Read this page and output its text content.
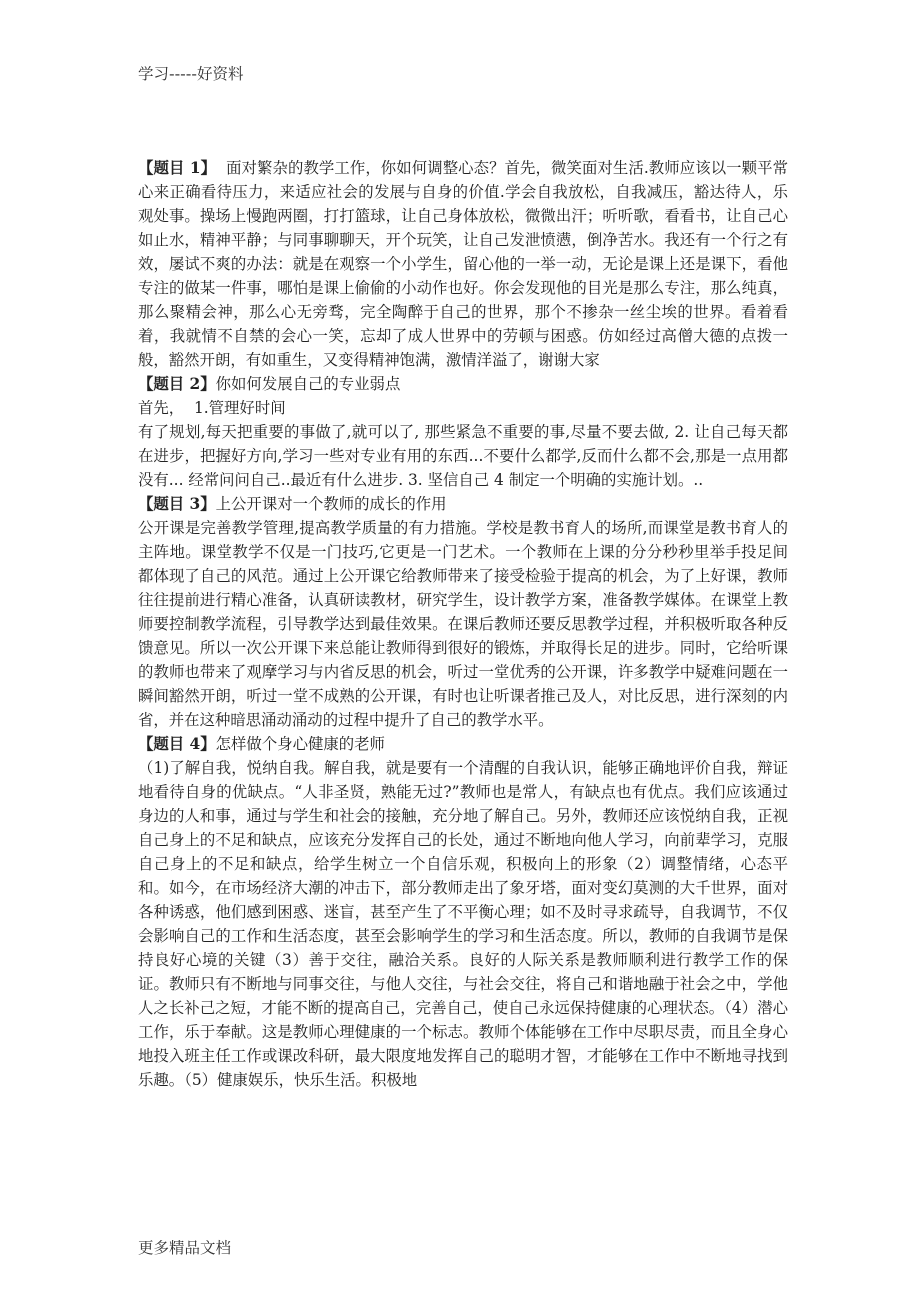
学习-----好资料

【题目 1】 面对繁杂的教学工作，你如何调整心态？首先，微笑面对生活.教师应该以一颗平常心来正确看待压力，来适应社会的发展与自身的价值.学会自我放松，自我减压，豁达待人，乐观处事。操场上慢跑两圈，打打篮球，让自己身体放松，微微出汗；听听歌，看看书，让自己心如止水，精神平静；与同事聊聊天，开个玩笑，让自己发泄愤懑，倒净苦水。我还有一个行之有效，屡试不爽的办法：就是在观察一个小学生，留心他的一举一动，无论是课上还是课下，看他专注的做某一件事，哪怕是课上偷偷的小动作也好。你会发现他的目光是那么专注，那么纯真，那么聚精会神，那么心无旁骛，完全陶醉于自己的世界，那个不掺杂一丝尘埃的世界。看着看着，我就情不自禁的会心一笑，忘却了成人世界中的劳顿与困惑。仿如经过高僧大德的点拨一般，豁然开朗，有如重生，又变得精神饱满，激情洋溢了，谢谢大家

【题目 2】你如何发展自己的专业弱点

首先，  1.管理好时间

有了规划,每天把重要的事做了,就可以了, 那些紧急不重要的事,尽量不要去做, 2. 让自己每天都在进步，把握好方向,学习一些对专业有用的东西...不要什么都学,反而什么都不会,那是一点用都没有... 经常问问自己..最近有什么进步. 3. 坚信自己 4 制定一个明确的实施计划。..

【题目 3】上公开课对一个教师的成长的作用

公开课是完善教学管理,提高教学质量的有力措施。学校是教书育人的场所,而课堂是教书育人的主阵地。课堂教学不仅是一门技巧,它更是一门艺术。一个教师在上课的分分秒秒里举手投足间都体现了自己的风范。通过上公开课它给教师带来了接受检验于提高的机会，为了上好课，教师往往提前进行精心准备，认真研读教材，研究学生，设计教学方案，准备教学媒体。在课堂上教师要控制教学流程，引导教学达到最佳效果。在课后教师还要反思教学过程，并积极听取各种反馈意见。所以一次公开课下来总能让教师得到很好的锻炼，并取得长足的进步。同时，它给听课的教师也带来了观摩学习与内省反思的机会，听过一堂优秀的公开课，许多教学中疑难问题在一瞬间豁然开朗，听过一堂不成熟的公开课，有时也让听课者推己及人，对比反思，进行深刻的内省，并在这种暗思涌动涌动的过程中提升了自己的教学水平。

【题目 4】怎样做个身心健康的老师

（1)了解自我，悦纳自我。解自我，就是要有一个清醒的自我认识，能够正确地评价自我，辩证地看待自身的优缺点。“人非圣贤，熟能无过?”教师也是常人，有缺点也有优点。我们应该通过身边的人和事，通过与学生和社会的接触，充分地了解自己。另外，教师还应该悦纳自我，正视自己身上的不足和缺点，应该充分发挥自己的长处，通过不断地向他人学习，向前辈学习，克服自己身上的不足和缺点，给学生树立一个自信乐观，积极向上的形象（2）调整情绪，心态平和。如今，在市场经济大潮的冲击下，部分教师走出了象牙塔，面对变幻莫测的大千世界，面对各种诱惑，他们感到困惑、迷盲，甚至产生了不平衡心理；如不及时寻求疏导，自我调节，不仅会影响自己的工作和生活态度，甚至会影响学生的学习和生活态度。所以，教师的自我调节是保持良好心境的关键（3）善于交往，融洽关系。良好的人际关系是教师顺利进行教学工作的保证。教师只有不断地与同事交往，与他人交往，与社会交往，将自己和谐地融于社会之中，学他人之长补己之短，才能不断的提高自己，完善自己，使自己永远保持健康的心理状态。（4）潜心工作，乐于奉献。这是教师心理健康的一个标志。教师个体能够在工作中尽职尽责，而且全身心地投入班主任工作或课改科研，最大限度地发挥自己的聪明才智，才能够在工作中不断地寻找到乐趣。（5）健康娱乐，快乐生活。积极地

更多精品文档
